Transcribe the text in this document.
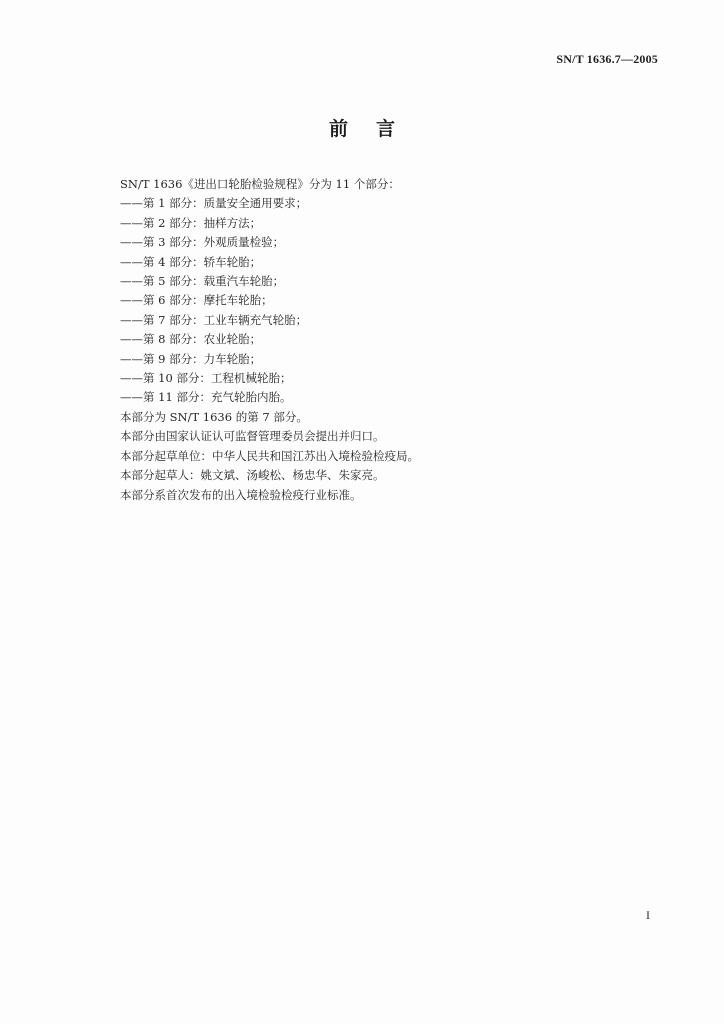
SN/T 1636.7—2005
前言
SN/T 1636《进出口轮胎检验规程》分为 11 个部分：
——第 1 部分：质量安全通用要求；
——第 2 部分：抽样方法；
——第 3 部分：外观质量检验；
——第 4 部分：轿车轮胎；
——第 5 部分：载重汽车轮胎；
——第 6 部分：摩托车轮胎；
——第 7 部分：工业车辆充气轮胎；
——第 8 部分：农业轮胎；
——第 9 部分：力车轮胎；
——第 10 部分：工程机械轮胎；
——第 11 部分：充气轮胎内胎。
本部分为 SN/T 1636 的第 7 部分。
本部分由国家认证认可监督管理委员会提出并归口。
本部分起草单位：中华人民共和国江苏出入境检验检疫局。
本部分起草人：姚文斌、汤峻松、杨忠华、朱家亮。
本部分系首次发布的出入境检验检疫行业标准。
I
